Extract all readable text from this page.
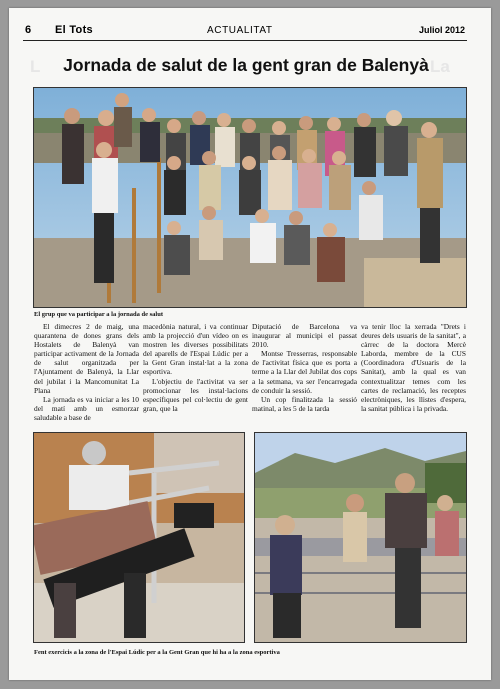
6 El Tots	ACTUALITAT	Juliol 2012
L	La
Jornada de salut de la gent gran de Balenyà
El grup que va participar a la jornada de salut

El dimecres 2 de maig, una quarantena de dones grans dels Hostalets de Balenyà van participar activament de la Jornada de salut organitzada per l'Ajuntament de Balenyà, la Llar del jubilat i la Mancomunitat La Plana

La jornada es va iniciar a les 10 del matí amb un esmorzar saludable a base de

macedònia natural, i va continuar amb la projecció d'un vídeo on es mostren les diverses possibilitats del aparells de l'Espai Lúdic per a la Gent Gran instal·lat a la zona esportiva.

L'objectiu de l'activitat va ser promocionar les instal·lacions específiques pel col·lectiu de gent gran, que la

Diputació de Barcelona va inaugurar al municipi el passat 2010.

Montse Tresserras, responsable de l'activitat física que es porta a terme a la Llar del Jubilat dos cops a la setmana, va ser l'encarregada de conduir la sessió.

Un cop finalitzada la sessió matinal, a les 5 de la tarda

va tenir lloc la xerrada "Drets i deures dels usuaris de la sanitat", a càrrec de la doctora Mercè Laborda, membre de la CUS (Coordinadora d'Usuaris de la Sanitat), amb la qual es van contextualitzar temes com les cartes de reclamació, les receptes electròniques, les llistes d'espera, la sanitat pública i la privada.

Fent exercicis a la zona de l'Espai Lúdic per a la Gent Gran que hi ha a la zona esportiva
